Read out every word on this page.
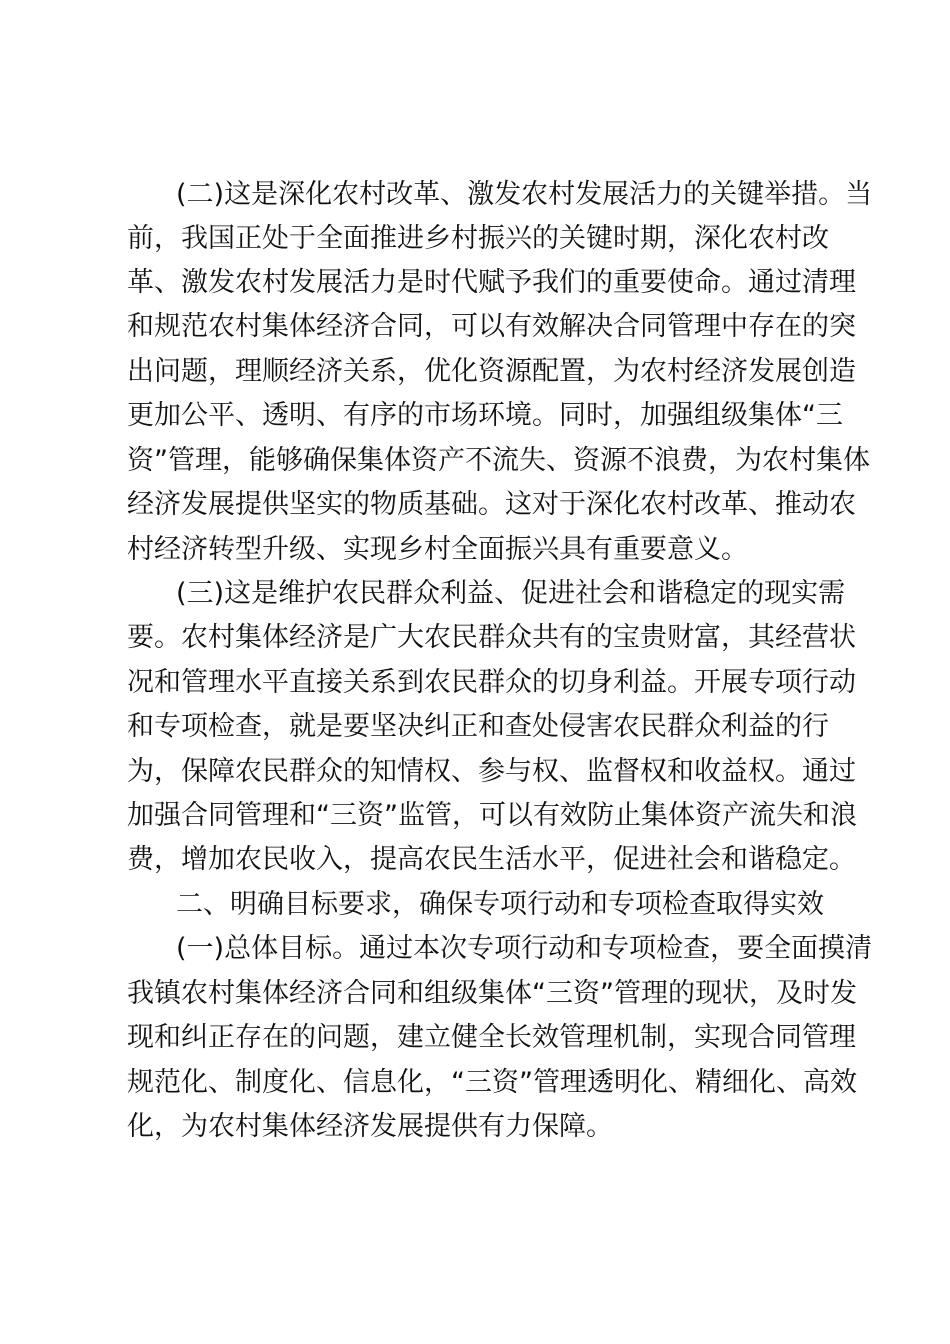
(二)这是深化农村改革、激发农村发展活力的关键举措。当
前，我国正处于全面推进乡村振兴的关键时期，深化农村改
革、激发农村发展活力是时代赋予我们的重要使命。通过清理
和规范农村集体经济合同，可以有效解决合同管理中存在的突
出问题，理顺经济关系，优化资源配置，为农村经济发展创造
更加公平、透明、有序的市场环境。同时，加强组级集体“三
资”管理，能够确保集体资产不流失、资源不浪费，为农村集体
经济发展提供坚实的物质基础。这对于深化农村改革、推动农
村经济转型升级、实现乡村全面振兴具有重要意义。
(三)这是维护农民群众利益、促进社会和谐稳定的现实需
要。农村集体经济是广大农民群众共有的宝贵财富，其经营状
况和管理水平直接关系到农民群众的切身利益。开展专项行动
和专项检查，就是要坚决纠正和查处侵害农民群众利益的行
为，保障农民群众的知情权、参与权、监督权和收益权。通过
加强合同管理和“三资”监管，可以有效防止集体资产流失和浪
费，增加农民收入，提高农民生活水平，促进社会和谐稳定。
二、明确目标要求，确保专项行动和专项检查取得实效
(一)总体目标。通过本次专项行动和专项检查，要全面摸清
我镇农村集体经济合同和组级集体“三资”管理的现状，及时发
现和纠正存在的问题，建立健全长效管理机制，实现合同管理
规范化、制度化、信息化，“三资”管理透明化、精细化、高效
化，为农村集体经济发展提供有力保障。
